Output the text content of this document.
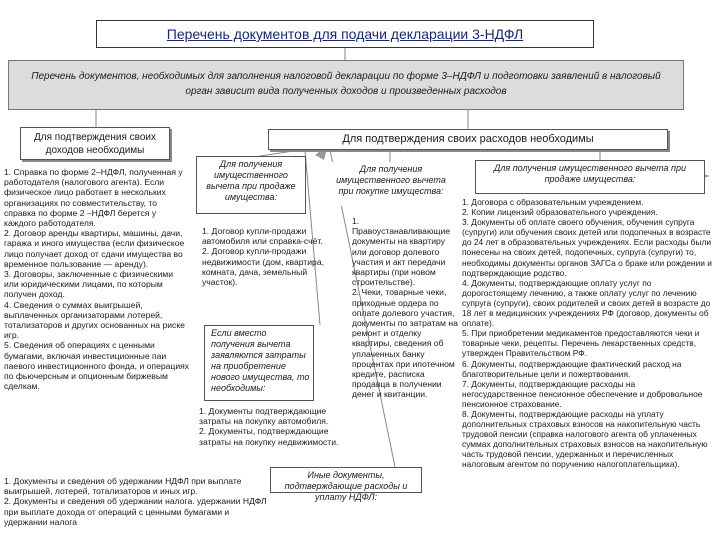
Перечень документов для подачи декларации 3-НДФЛ
Перечень документов, необходимых для заполнения налоговой декларации по форме 3–НДФЛ и подготовки заявлений в налоговый орган зависит вида полученных доходов и произведенных расходов
Для подтверждения своих доходов необходимы
Для подтверждения своих расходов необходимы
1. Справка по форме 2–НДФЛ, полученная у работодателя (налогового агента). Если физическое лицо работает в нескольких организациях по совместительству, то справка по форме 2 –НДФЛ берется у каждого работодателя.
2. Договор аренды квартиры, машины, дачи, гаража и иного имущества (если физическое лицо получает доход от сдачи имущества во временное пользование — аренду).
3. Договоры, заключенные с физическими или юридическими лицами, по которым получен доход.
4. Сведения о суммах выигрышей, выплаченных организаторами лотерей, тотализаторов и других основанных на риске игр.
5. Сведения об операциях с ценными бумагами, включая инвестиционные паи паевого инвестиционного фонда, и операциях по фьючерсным и опционным биржевым сделкам.
1. Документы и сведения об удержании НДФЛ при выплате выигрышей, лотерей, тотализаторов и иных игр.
2. Документы и сведения об удержании налога. удержании НДФЛ при выплате дохода от операций с ценными бумагами и удержании налога
Для получения имущественного вычета при продаже имущества:
1. Договор купли-продажи автомобиля или справка-счёт.
2. Договор купли-продажи недвижимости (дом, квартира, комната, дача, земельный участок).
Для получения имущественного вычета при покупке имущества:
1. Правоустанавливающие документы на квартиру или договор долевого участия и акт передачи квартиры (при новом строительстве).
2. Чеки, товарные чеки, приходные ордера по оплате долевого участия, документы по затратам на ремонт и отделку квартиры, сведения об уплаченных банку процентах при ипотечном кредите, расписка продавца в получении денег и квитанции.
Если вместо получения вычета заявляются затраты на приобретение нового имущества, то необходимы:
1. Документы подтверждающие затраты на покупку автомобиля.
2. Документы, подтверждающие затраты на покупку недвижимости.
Иные документы, подтверждающие расходы и уплату НДФЛ:
Для получения имущественного вычета при продаже имущества:
1. Договора с образовательным учреждением.
2. Копии лицензий образовательного учреждения.
3. Документы об оплате своего обучения, обучения супруга (супруги) или обучения своих детей или подопечных в возрасте до 24 лет в образовательных учреждениях. Если расходы были понесены на своих детей, подопечных, супруга (супруги) то, необходимы документы органов ЗАГСа о браке или рождении и подтверждающие родство.
4. Документы, подтверждающие оплату услуг по дорогостоящему лечению, а также оплату услуг по лечению супруга (супруги), своих родителей и своих детей в возрасте до 18 лет в медицинских учреждениях РФ (договор, документы об оплате).
5. При приобретении медикаментов предоставляются чеки и товарные чеки, рецепты. Перечень лекарственных средств, утвержден Правительством РФ.
6. Документы, подтверждающие фактический расход на благотворительные цели и пожертвования.
7. Документы, подтверждающие расходы на негосударственное пенсионное обеспечение и добровольное пенсионное страхование.
8. Документы, подтверждающие расходы на уплату дополнительных страховых взносов на накопительную часть трудовой пенсии (справка налогового агента об уплаченных суммах дополнительных страховых взносов на накопительную часть трудовой пенсии, удержанных и перечисленных налоговым агентом по поручению налогоплательщика).
